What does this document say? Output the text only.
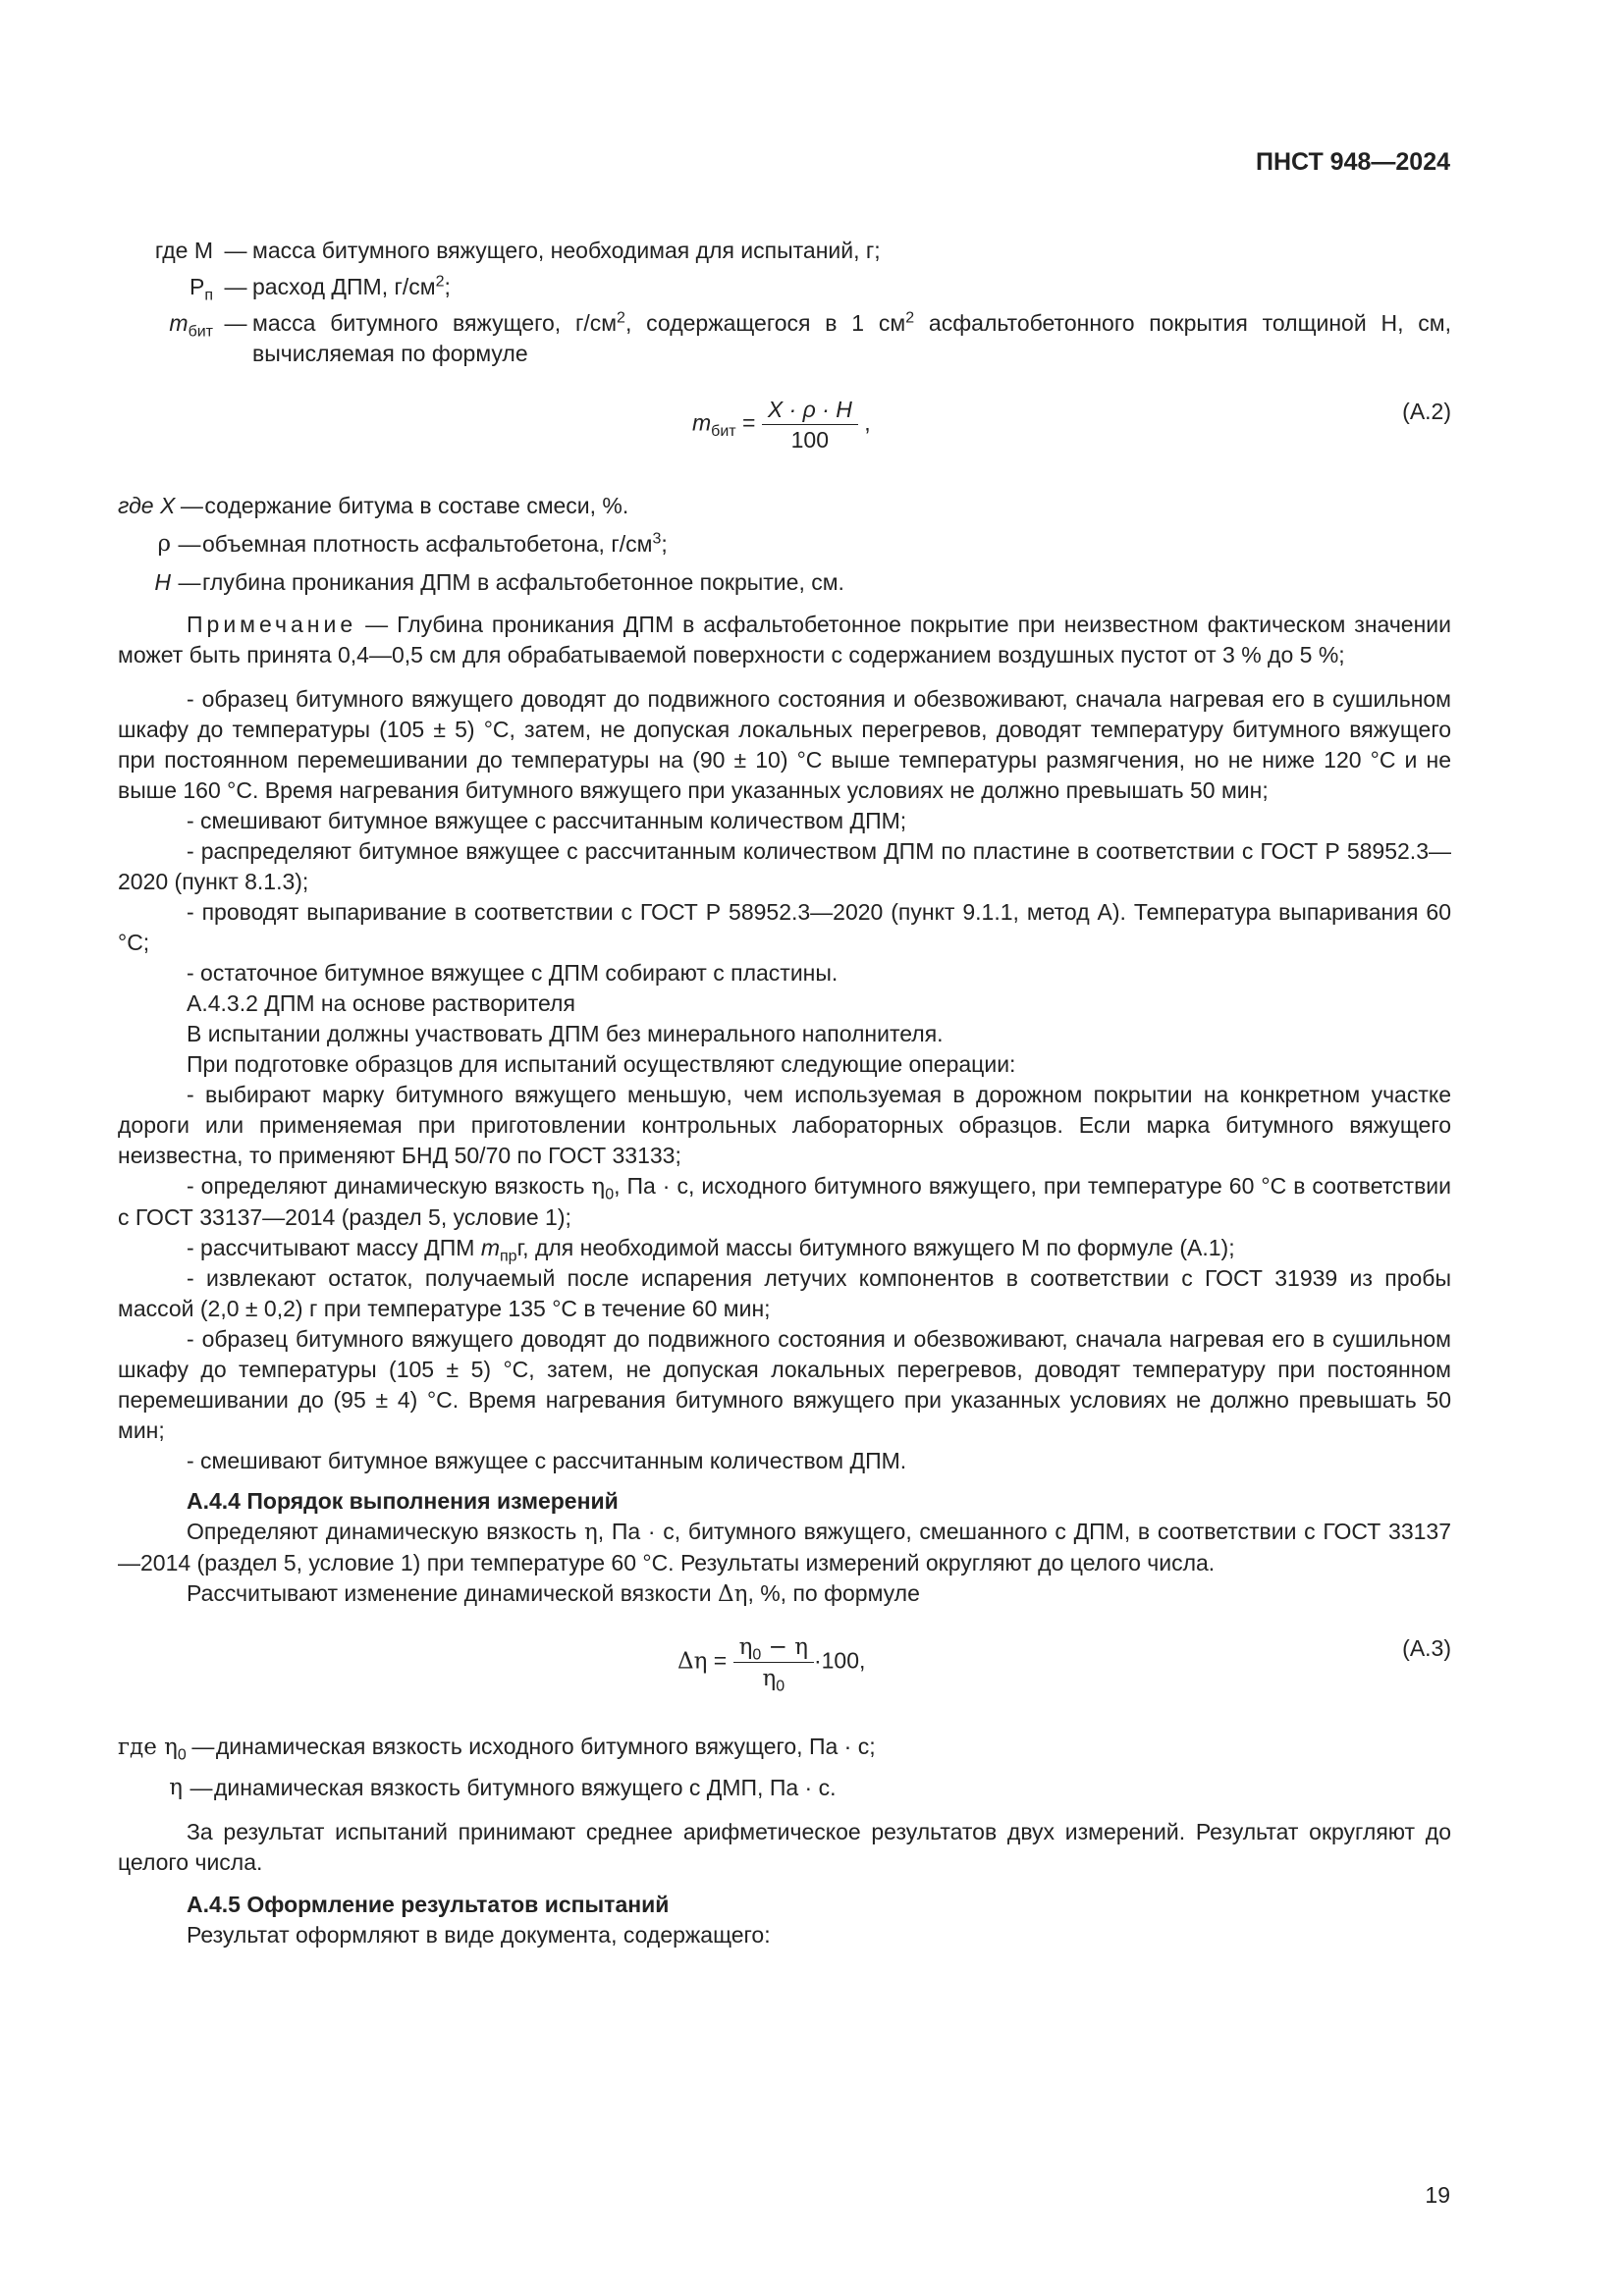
ПНСТ 948—2024
где М — масса битумного вяжущего, необходимая для испытаний, г;
$P_п$ — расход ДПМ, $г/см^2$;
$m_{бит}$ — масса битумного вяжущего, $г/см^2$, содержащегося в 1 $см^2$ асфальтобетонного покрытия толщиной Н, см, вычисляемая по формуле
$m_{бит} = \frac{X \cdot \rho \cdot H}{100}$ ,	(А.2)
где X — содержание битума в составе смеси, %.
ρ — объемная плотность асфальтобетона, $г/см^3$;
H — глубина проникания ДПМ в асфальтобетонное покрытие, см.

Примечание — Глубина проникания ДПМ в асфальтобетонное покрытие при неизвестном фактическом значении может быть принята 0,4—0,5 см для обрабатываемой поверхности с содержанием воздушных пустот от 3 % до 5 %;

- образец битумного вяжущего доводят до подвижного состояния и обезвоживают, сначала нагревая его в сушильном шкафу до температуры (105 ± 5) °С, затем, не допуская локальных перегревов, доводят температуру битумного вяжущего при постоянном перемешивании до температуры на (90 ± 10) °С выше температуры размягчения, но не ниже 120 °С и не выше 160 °С. Время нагревания битумного вяжущего при указанных условиях не должно превышать 50 мин;

- смешивают битумное вяжущее с рассчитанным количеством ДПМ;

- распределяют битумное вяжущее с рассчитанным количеством ДПМ по пластине в соответствии с ГОСТ Р 58952.3—2020 (пункт 8.1.3);

- проводят выпаривание в соответствии с ГОСТ Р 58952.3—2020 (пункт 9.1.1, метод А). Температура выпаривания 60 °С;

- остаточное битумное вяжущее с ДПМ собирают с пластины.

А.4.3.2 ДПМ на основе растворителя

В испытании должны участвовать ДПМ без минерального наполнителя.

При подготовке образцов для испытаний осуществляют следующие операции:

- выбирают марку битумного вяжущего меньшую, чем используемая в дорожном покрытии на конкретном участке дороги или применяемая при приготовлении контрольных лабораторных образцов. Если марка битумного вяжущего неизвестна, то применяют БНД 50/70 по ГОСТ 33133;

- определяют динамическую вязкость $\eta_0$, Па · с, исходного битумного вяжущего, при температуре 60 °С в соответствии с ГОСТ 33137—2014 (раздел 5, условие 1);

- рассчитывают массу ДПМ $m_{пр}г$, для необходимой массы битумного вяжущего М по формуле (А.1);

- извлекают остаток, получаемый после испарения летучих компонентов в соответствии с ГОСТ 31939 из пробы массой (2,0 ± 0,2) г при температуре 135 °С в течение 60 мин;

- образец битумного вяжущего доводят до подвижного состояния и обезвоживают, сначала нагревая его в сушильном шкафу до температуры (105 ± 5) °С, затем, не допуская локальных перегревов, доводят температуру при постоянном перемешивании до (95 ± 4) °С. Время нагревания битумного вяжущего при указанных условиях не должно превышать 50 мин;

- смешивают битумное вяжущее с рассчитанным количеством ДПМ.

А.4.4 Порядок выполнения измерений

Определяют динамическую вязкость η, Па · с, битумного вяжущего, смешанного с ДПМ, в соответствии с ГОСТ 33137—2014 (раздел 5, условие 1) при температуре 60 °С. Результаты измерений округляют до целого числа.

Рассчитывают изменение динамической вязкости Δη, %, по формуле

$\Delta\eta = \frac{\eta_0 - \eta}{\eta_0} \cdot 100$,	(А.3)
где $\eta_0$ — динамическая вязкость исходного битумного вяжущего, Па · с;
η — динамическая вязкость битумного вяжущего с ДМП, Па · с.

За результат испытаний принимают среднее арифметическое результатов двух измерений. Результат округляют до целого числа.

А.4.5 Оформление результатов испытаний

Результат оформляют в виде документа, содержащего:

19
